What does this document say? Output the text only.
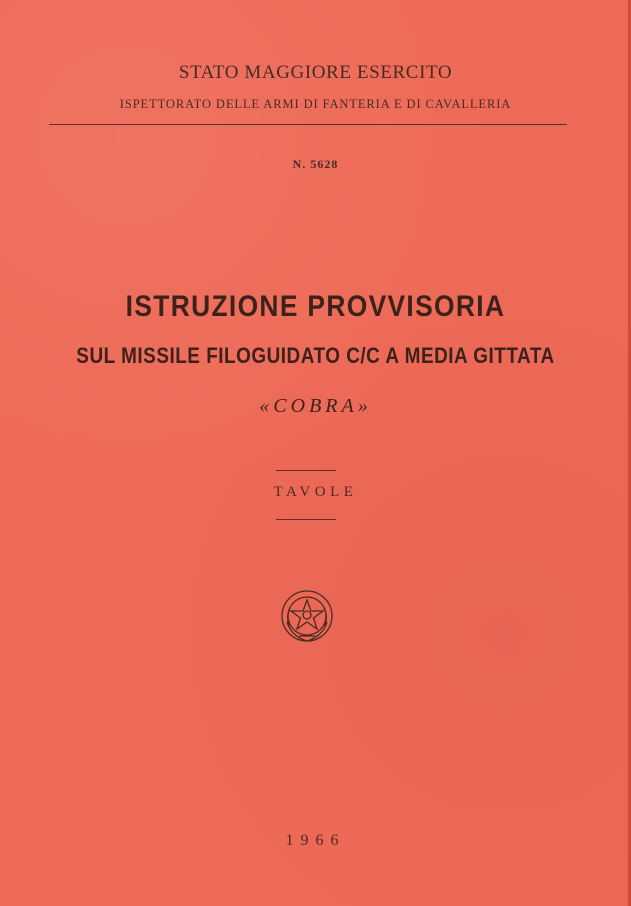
STATO MAGGIORE ESERCITO
ISPETTORATO DELLE ARMI DI FANTERIA E DI CAVALLERIA
N. 5628
ISTRUZIONE PROVVISORIA
SUL MISSILE FILOGUIDATO C/C A MEDIA GITTATA
«COBRA»
TAVOLE
1966
